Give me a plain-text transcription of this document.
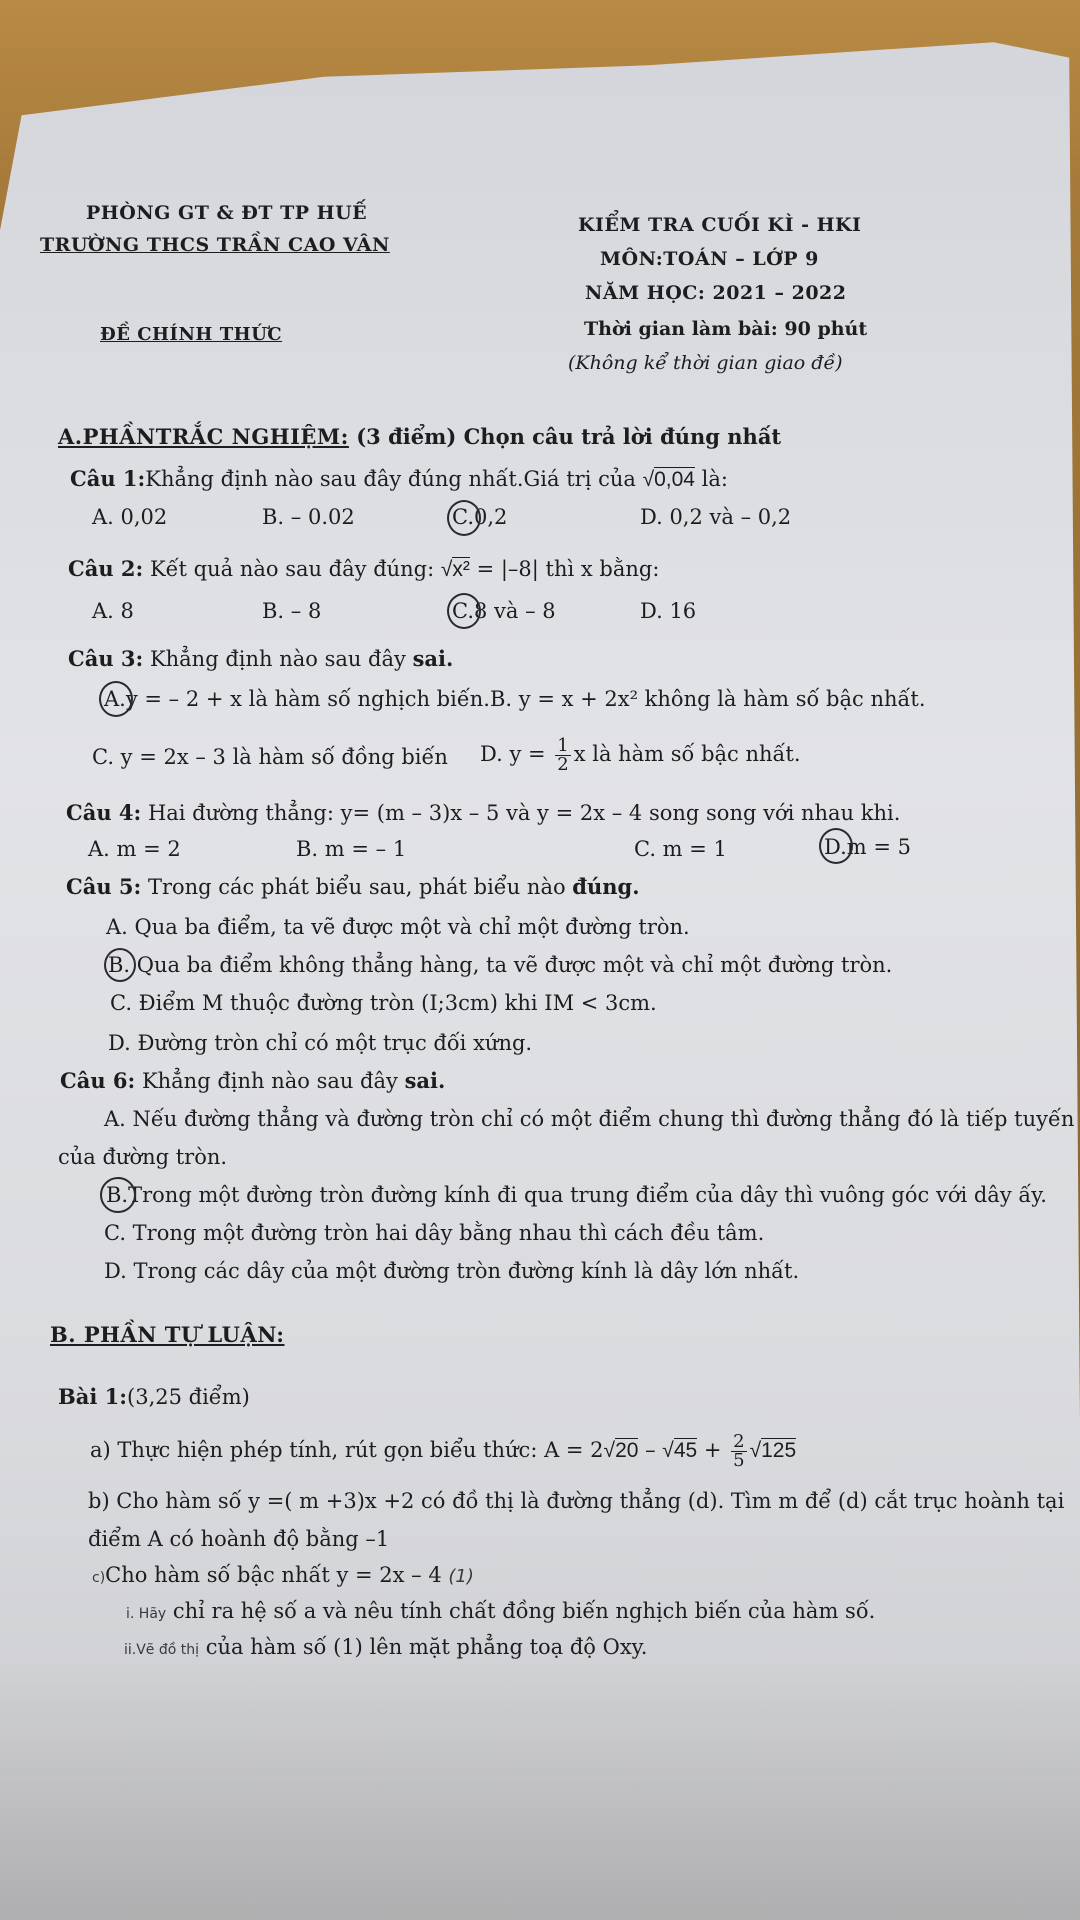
PHÒNG GT & ĐT TP HUẾ
TRƯỜNG THCS TRẦN CAO VÂN
ĐỀ CHÍNH THỨC
KIỂM TRA CUỐI KÌ - HKI
MÔN:TOÁN – LỚP 9
NĂM HỌC: 2021 – 2022
Thời gian làm bài: 90 phút
(Không kể thời gian giao đề)
A.PHẦNTRẮC NGHIỆM: (3 điểm) Chọn câu trả lời đúng nhất
Câu 1:Khẳng định nào sau đây đúng nhất.Giá trị của √0,04 là:
A. 0,02	B. – 0.02	C.0,2	D. 0,2 và – 0,2
Câu 2: Kết quả nào sau đây đúng: √x² = |–8| thì x bằng:
A. 8	B. – 8	C.8 và – 8	D. 16
Câu 3: Khẳng định nào sau đây sai.
A.y = – 2 + x là hàm số nghịch biến. B. y = x + 2x² không là hàm số bậc nhất.
C. y = 2x – 3 là hàm số đồng biến D. $y = \frac{1}{2}$ x là hàm số bậc nhất.
Câu 4: Hai đường thẳng: y= (m – 3)x – 5 và y = 2x – 4 song song với nhau khi.
A. m = 2	B. m = – 1	C. m = 1	D.m = 5
Câu 5: Trong các phát biểu sau, phát biểu nào đúng.
A. Qua ba điểm, ta vẽ được một và chỉ một đường tròn.
B. Qua ba điểm không thẳng hàng, ta vẽ được một và chỉ một đường tròn.
C. Điểm M thuộc đường tròn (I;3cm) khi IM < 3cm.
D. Đường tròn chỉ có một trục đối xứng.
Câu 6: Khẳng định nào sau đây sai.
A. Nếu đường thẳng và đường tròn chỉ có một điểm chung thì đường thẳng đó là tiếp tuyến
của đường tròn.
B.Trong một đường tròn đường kính đi qua trung điểm của dây thì vuông góc với dây ấy.
C. Trong một đường tròn hai dây bằng nhau thì cách đều tâm.
D. Trong các dây của một đường tròn đường kính là dây lớn nhất.
B. PHẦN TỰ LUẬN:
Bài 1:(3,25 điểm)
a) Thực hiện phép tính, rút gọn biểu thức: $A = 2√20 - √45 + \frac{2}{5} √125$
b) Cho hàm số y =( m +3)x +2 có đồ thị là đường thẳng (d). Tìm m để (d) cắt trục hoành tại
điểm A có hoành độ bằng –1
c)Cho hàm số bậc nhất y = 2x – 4 (1)
i. Hãy chỉ ra hệ số a và nêu tính chất đồng biến nghịch biến của hàm số.
ii.Vẽ đồ thị của hàm số (1) lên mặt phẳng toạ độ Oxy.
